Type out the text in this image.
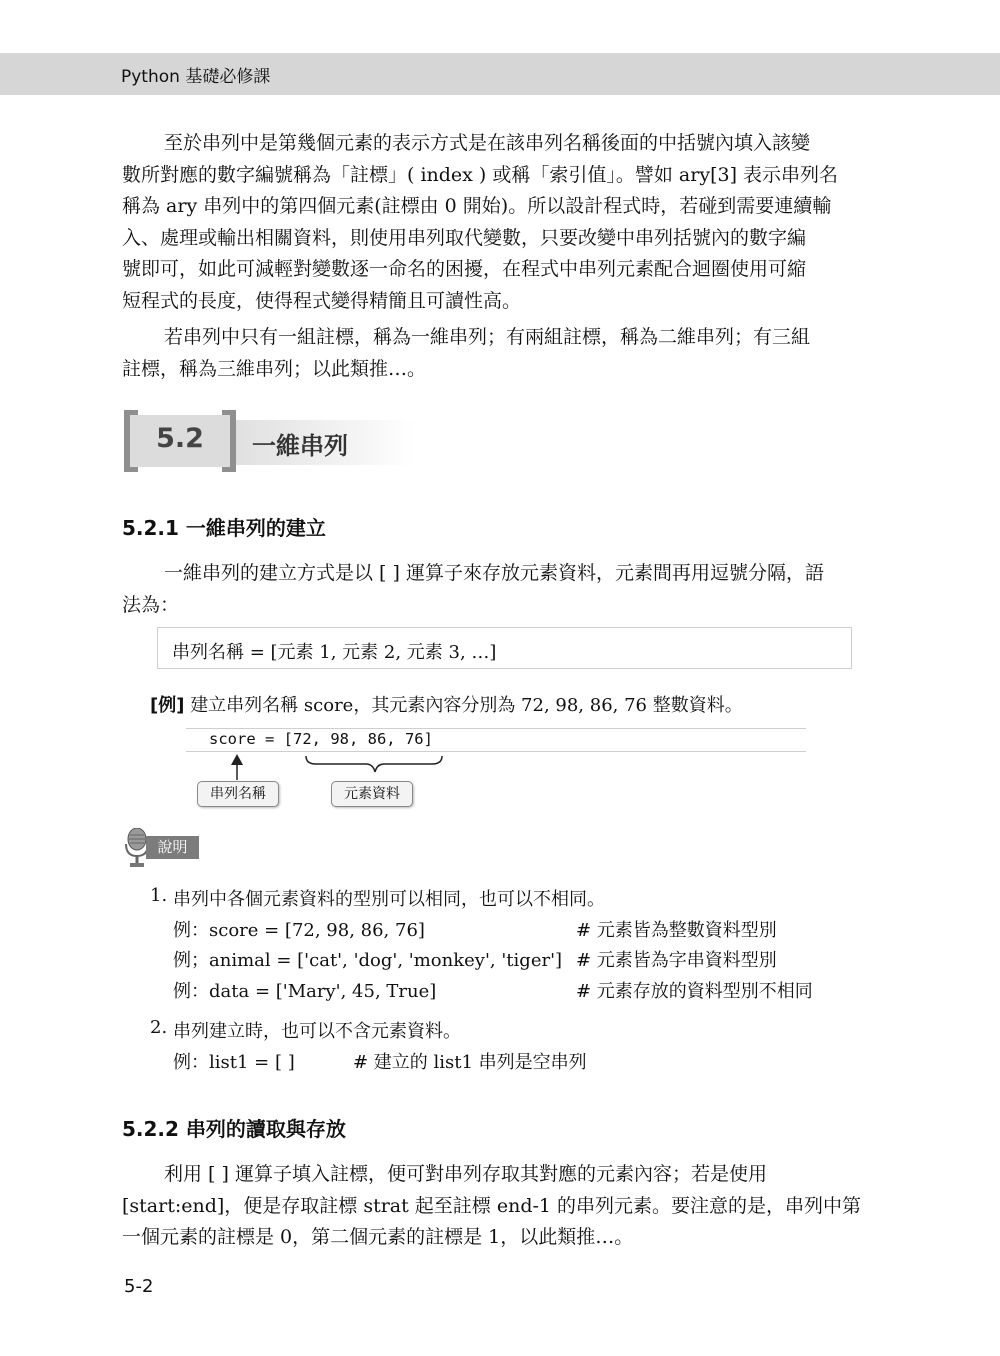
Python 基礎必修課
至於串列中是第幾個元素的表示方式是在該串列名稱後面的中括號內填入該變
數所對應的數字編號稱為「註標」( index ) 或稱「索引值」。譬如 ary[3] 表示串列名
稱為 ary 串列中的第四個元素(註標由 0 開始)。所以設計程式時，若碰到需要連續輸
入、處理或輸出相關資料，則使用串列取代變數，只要改變中串列括號內的數字編
號即可，如此可減輕對變數逐一命名的困擾，在程式中串列元素配合迴圈使用可縮
短程式的長度，使得程式變得精簡且可讀性高。
若串列中只有一組註標，稱為一維串列；有兩組註標，稱為二維串列；有三組
註標，稱為三維串列；以此類推…。
5.2	一維串列
5.2.1 一維串列的建立
一維串列的建立方式是以 [ ] 運算子來存放元素資料，元素間再用逗號分隔，語
法為：
串列名稱 = [元素 1, 元素 2, 元素 3, …]
[例] 建立串列名稱 score，其元素內容分別為 72, 98, 86, 76 整數資料。
score = [72, 98, 86, 76]
串列名稱	元素資料
說明
1. 串列中各個元素資料的型別可以相同，也可以不相同。
例：score = [72, 98, 86, 76]	# 元素皆為整數資料型別
例；animal = ['cat', 'dog', 'monkey', 'tiger'] # 元素皆為字串資料型別
例：data = ['Mary', 45, True]	# 元素存放的資料型別不相同
2. 串列建立時，也可以不含元素資料。
例：list1 = [ ]	# 建立的 list1 串列是空串列
5.2.2 串列的讀取與存放
利用 [ ] 運算子填入註標，便可對串列存取其對應的元素內容；若是使用
[start:end]，便是存取註標 strat 起至註標 end-1 的串列元素。要注意的是，串列中第
一個元素的註標是 0，第二個元素的註標是 1，以此類推…。
5-2
